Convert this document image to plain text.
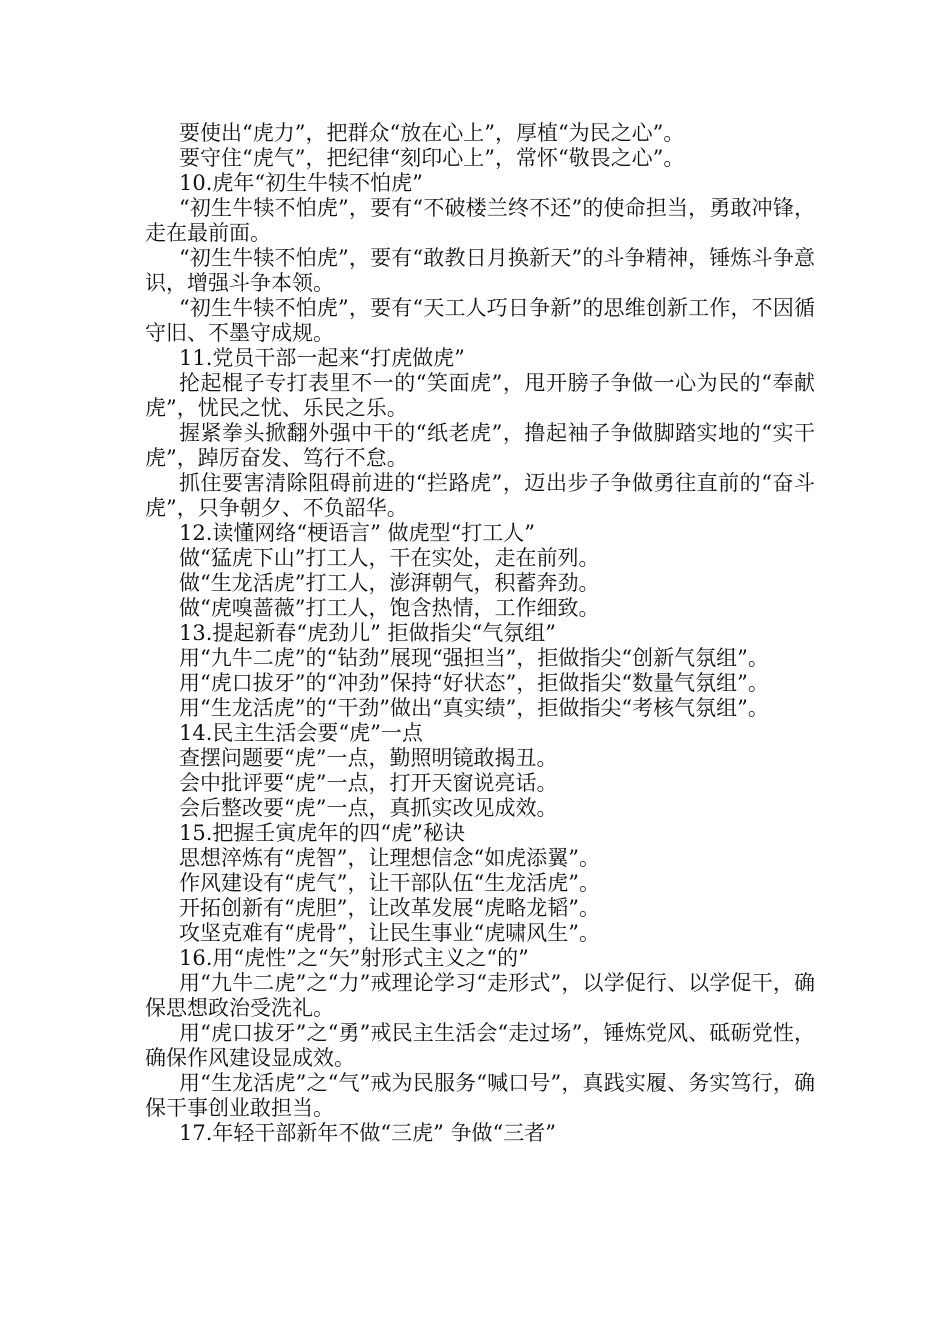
要使出“虎力”，把群众“放在心上”，厚植“为民之心”。
要守住“虎气”，把纪律“刻印心上”，常怀“敬畏之心”。
10.虎年“初生牛犊不怕虎”
“初生牛犊不怕虎”，要有“不破楼兰终不还”的使命担当，勇敢冲锋，走在最前面。
“初生牛犊不怕虎”，要有“敢教日月换新天”的斗争精神，锤炼斗争意识，增强斗争本领。
“初生牛犊不怕虎”，要有“天工人巧日争新”的思维创新工作，不因循守旧、不墨守成规。
11.党员干部一起来“打虎做虎”
抡起棍子专打表里不一的“笑面虎”，甩开膀子争做一心为民的“奉献虎”，忧民之忧、乐民之乐。
握紧拳头掀翻外强中干的“纸老虎”，撸起袖子争做脚踏实地的“实干虎”，踔厉奋发、笃行不怠。
抓住要害清除阻碍前进的“拦路虎”，迈出步子争做勇往直前的“奋斗虎”，只争朝夕、不负韶华。
12.读懂网络“梗语言” 做虎型“打工人”
做“猛虎下山”打工人，干在实处，走在前列。
做“生龙活虎”打工人，澎湃朝气，积蓄奔劲。
做“虎嗅蔷薇”打工人，饱含热情，工作细致。
13.提起新春“虎劲儿” 拒做指尖“气氛组”
用“九牛二虎”的“钻劲”展现“强担当”，拒做指尖“创新气氛组”。
用“虎口拔牙”的“冲劲”保持“好状态”，拒做指尖“数量气氛组”。
用“生龙活虎”的“干劲”做出“真实绩”，拒做指尖“考核气氛组”。
14.民主生活会要“虎”一点
查摆问题要“虎”一点，勤照明镜敢揭丑。
会中批评要“虎”一点，打开天窗说亮话。
会后整改要“虎”一点，真抓实改见成效。
15.把握壬寅虎年的四“虎”秘诀
思想淬炼有“虎智”，让理想信念“如虎添翼”。
作风建设有“虎气”，让干部队伍“生龙活虎”。
开拓创新有“虎胆”，让改革发展“虎略龙韬”。
攻坚克难有“虎骨”，让民生事业“虎啸风生”。
16.用“虎性”之“矢”射形式主义之“的”
用“九牛二虎”之“力”戒理论学习“走形式”，以学促行、以学促干，确保思想政治受洗礼。
用“虎口拔牙”之“勇”戒民主生活会“走过场”，锤炼党风、砥砺党性，确保作风建设显成效。
用“生龙活虎”之“气”戒为民服务“喊口号”，真践实履、务实笃行，确保干事创业敢担当。
17.年轻干部新年不做“三虎” 争做“三者”
